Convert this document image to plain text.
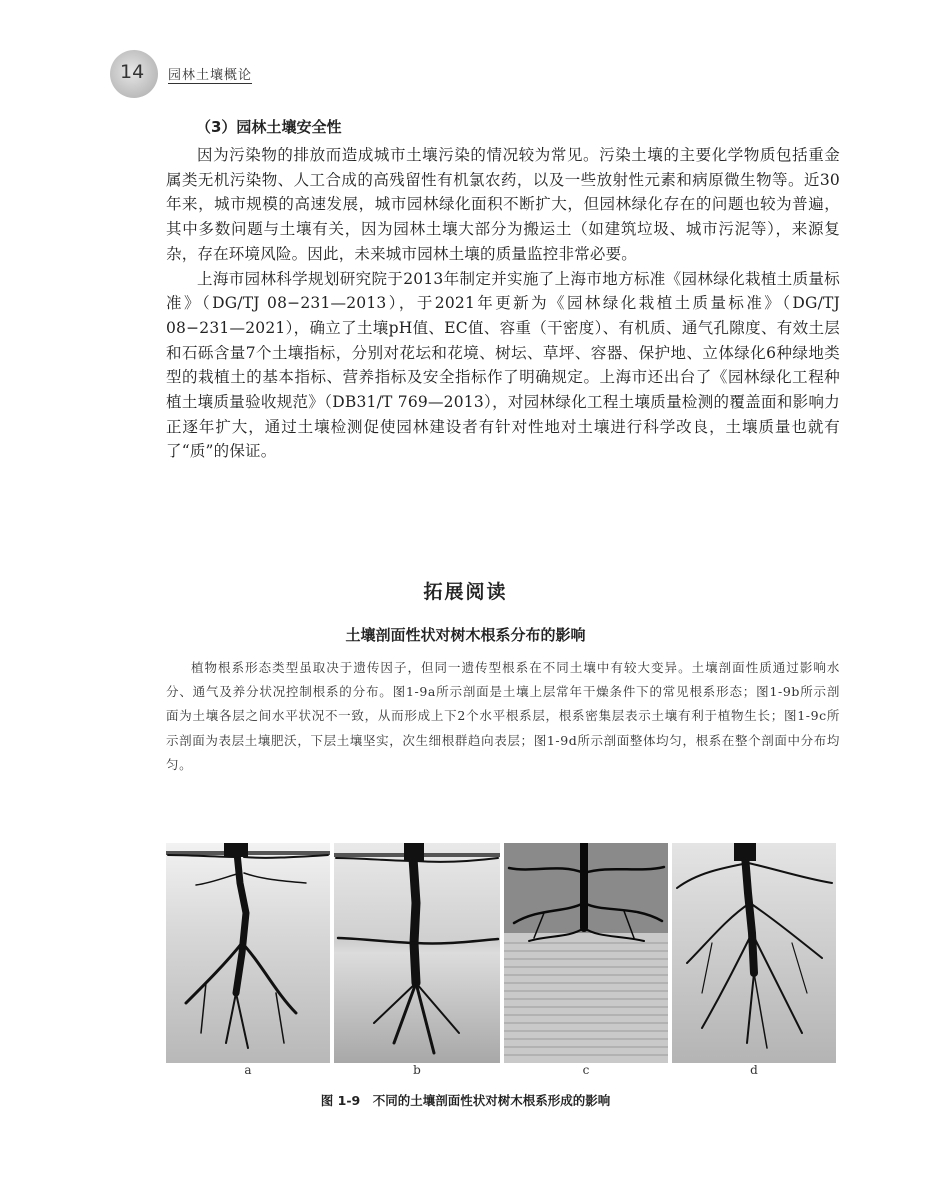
14 园林土壤概论
（3）园林土壤安全性

因为污染物的排放而造成城市土壤污染的情况较为常见。污染土壤的主要化学物质包括重金属类无机污染物、人工合成的高残留性有机氯农药，以及一些放射性元素和病原微生物等。近30年来，城市规模的高速发展，城市园林绿化面积不断扩大，但园林绿化存在的问题也较为普遍，其中多数问题与土壤有关，因为园林土壤大部分为搬运土（如建筑垃圾、城市污泥等），来源复杂，存在环境风险。因此，未来城市园林土壤的质量监控非常必要。

上海市园林科学规划研究院于2013年制定并实施了上海市地方标准《园林绿化栽植土质量标准》（DG/TJ 08−231—2013），于2021年更新为《园林绿化栽植土质量标准》（DG/TJ 08−231—2021），确立了土壤pH值、EC值、容重（干密度）、有机质、通气孔隙度、有效土层和石砾含量7个土壤指标，分别对花坛和花境、树坛、草坪、容器、保护地、立体绿化6种绿地类型的栽植土的基本指标、营养指标及安全指标作了明确规定。上海市还出台了《园林绿化工程种植土壤质量验收规范》（DB31/T 769—2013），对园林绿化工程土壤质量检测的覆盖面和影响力正逐年扩大，通过土壤检测促使园林建设者有针对性地对土壤进行科学改良，土壤质量也就有了“质”的保证。

拓展阅读
土壤剖面性状对树木根系分布的影响

植物根系形态类型虽取决于遗传因子，但同一遗传型根系在不同土壤中有较大变异。土壤剖面性质通过影响水分、通气及养分状况控制根系的分布。图1-9a所示剖面是土壤上层常年干燥条件下的常见根系形态；图1-9b所示剖面为土壤各层之间水平状况不一致，从而形成上下2个水平根系层，根系密集层表示土壤有利于植物生长；图1-9c所示剖面为表层土壤肥沃，下层土壤坚实，次生细根群趋向表层；图1-9d所示剖面整体均匀，根系在整个剖面中分布均匀。

a	b	c	d
图 1-9　不同的土壤剖面性状对树木根系形成的影响
